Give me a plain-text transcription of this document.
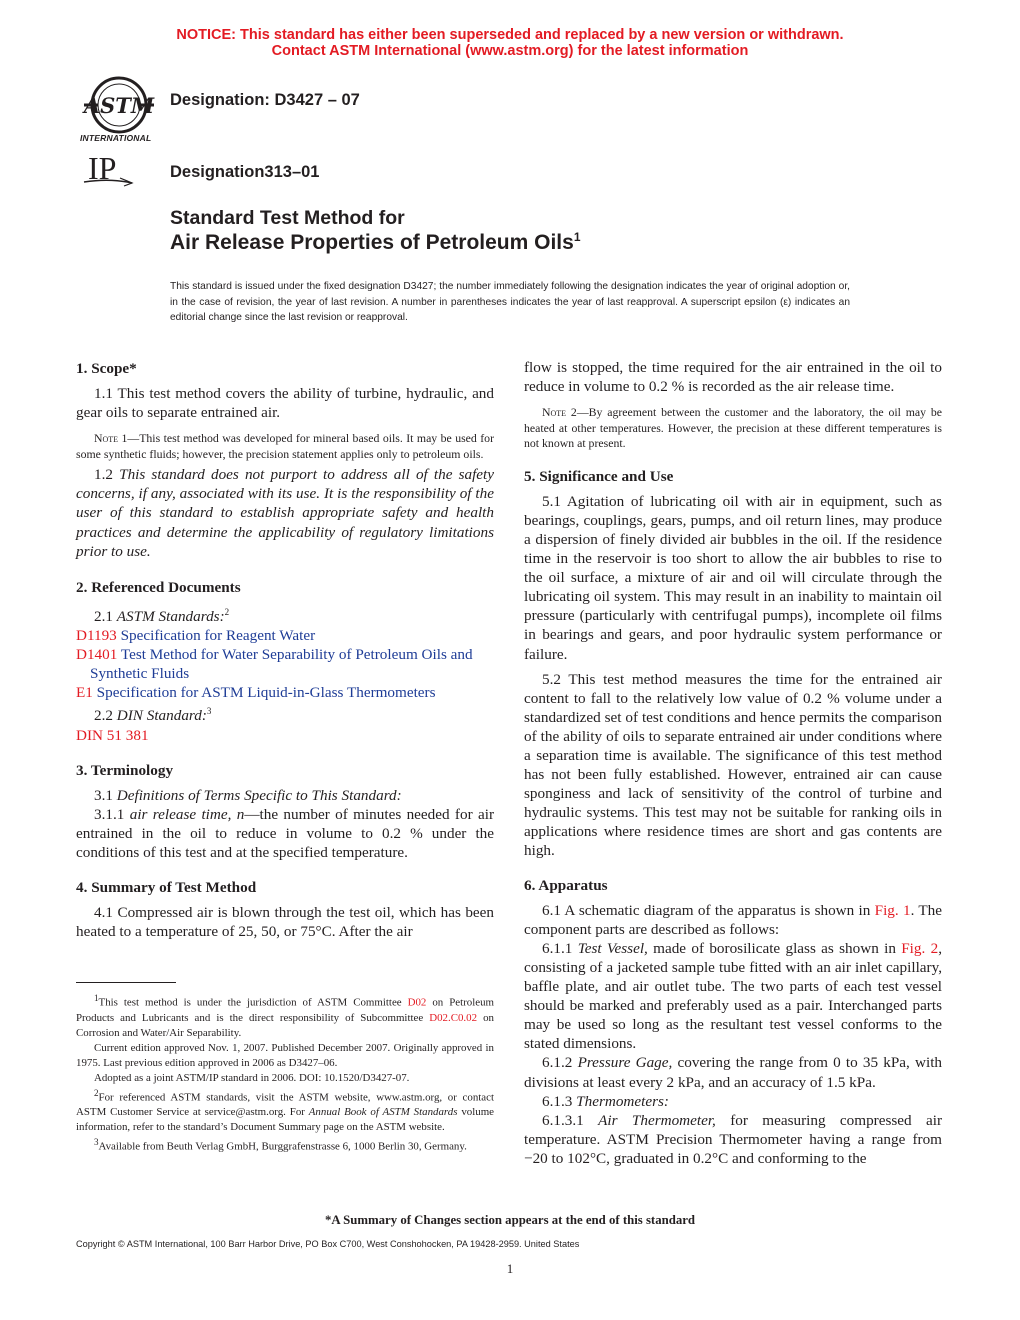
NOTICE: This standard has either been superseded and replaced by a new version or withdrawn.
Contact ASTM International (www.astm.org) for the latest information
ASTM
INTERNATIONAL
IP
Designation: D3427 – 07
Designation313–01
Standard Test Method for
Air Release Properties of Petroleum Oils$^1$
This standard is issued under the fixed designation D3427; the number immediately following the designation indicates the year of original adoption or, in the case of revision, the year of last revision. A number in parentheses indicates the year of last reapproval. A superscript epsilon (ε) indicates an editorial change since the last revision or reapproval.
1. Scope*

1.1 This test method covers the ability of turbine, hydraulic, and gear oils to separate entrained air.

Note 1—This test method was developed for mineral based oils. It may be used for some synthetic fluids; however, the precision statement applies only to petroleum oils.

1.2 This standard does not purport to address all of the safety concerns, if any, associated with its use. It is the responsibility of the user of this standard to establish appropriate safety and health practices and determine the applicability of regulatory limitations prior to use.

2. Referenced Documents

2.1 ASTM Standards:$^2$

D1193 Specification for Reagent Water

D1401 Test Method for Water Separability of Petroleum Oils and Synthetic Fluids

E1 Specification for ASTM Liquid-in-Glass Thermometers

2.2 DIN Standard:$^3$

DIN 51 381

3. Terminology

3.1 Definitions of Terms Specific to This Standard:

3.1.1 air release time, n—the number of minutes needed for air entrained in the oil to reduce in volume to 0.2 % under the conditions of this test and at the specified temperature.

4. Summary of Test Method

4.1 Compressed air is blown through the test oil, which has been heated to a temperature of 25, 50, or 75°C. After the air

$^1$This test method is under the jurisdiction of ASTM Committee D02 on Petroleum Products and Lubricants and is the direct responsibility of Subcommittee D02.C0.02 on Corrosion and Water/Air Separability.

Current edition approved Nov. 1, 2007. Published December 2007. Originally approved in 1975. Last previous edition approved in 2006 as D3427–06.

Adopted as a joint ASTM/IP standard in 2006. DOI: 10.1520/D3427-07.

$^2$For referenced ASTM standards, visit the ASTM website, www.astm.org, or contact ASTM Customer Service at service@astm.org. For Annual Book of ASTM Standards volume information, refer to the standard’s Document Summary page on the ASTM website.

$^3$Available from Beuth Verlag GmbH, Burggrafenstrasse 6, 1000 Berlin 30, Germany.

flow is stopped, the time required for the air entrained in the oil to reduce in volume to 0.2 % is recorded as the air release time.

Note 2—By agreement between the customer and the laboratory, the oil may be heated at other temperatures. However, the precision at these different temperatures is not known at present.

5. Significance and Use

5.1 Agitation of lubricating oil with air in equipment, such as bearings, couplings, gears, pumps, and oil return lines, may produce a dispersion of finely divided air bubbles in the oil. If the residence time in the reservoir is too short to allow the air bubbles to rise to the oil surface, a mixture of air and oil will circulate through the lubricating oil system. This may result in an inability to maintain oil pressure (particularly with centrifugal pumps), incomplete oil films in bearings and gears, and poor hydraulic system performance or failure.

5.2 This test method measures the time for the entrained air content to fall to the relatively low value of 0.2 % volume under a standardized set of test conditions and hence permits the comparison of the ability of oils to separate entrained air under conditions where a separation time is available. The significance of this test method has not been fully established. However, entrained air can cause sponginess and lack of sensitivity of the control of turbine and hydraulic systems. This test may not be suitable for ranking oils in applications where residence times are short and gas contents are high.

6. Apparatus

6.1 A schematic diagram of the apparatus is shown in Fig. 1. The component parts are described as follows:

6.1.1 Test Vessel, made of borosilicate glass as shown in Fig. 2, consisting of a jacketed sample tube fitted with an air inlet capillary, baffle plate, and air outlet tube. The two parts of each test vessel should be marked and preferably used as a pair. Interchanged parts may be used so long as the resultant test vessel conforms to the stated dimensions.

6.1.2 Pressure Gage, covering the range from 0 to 35 kPa, with divisions at least every 2 kPa, and an accuracy of 1.5 kPa.

6.1.3 Thermometers:

6.1.3.1 Air Thermometer, for measuring compressed air temperature. ASTM Precision Thermometer having a range from −20 to 102°C, graduated in 0.2°C and conforming to the

*A Summary of Changes section appears at the end of this standard
Copyright © ASTM International, 100 Barr Harbor Drive, PO Box C700, West Conshohocken, PA 19428-2959. United States
1
